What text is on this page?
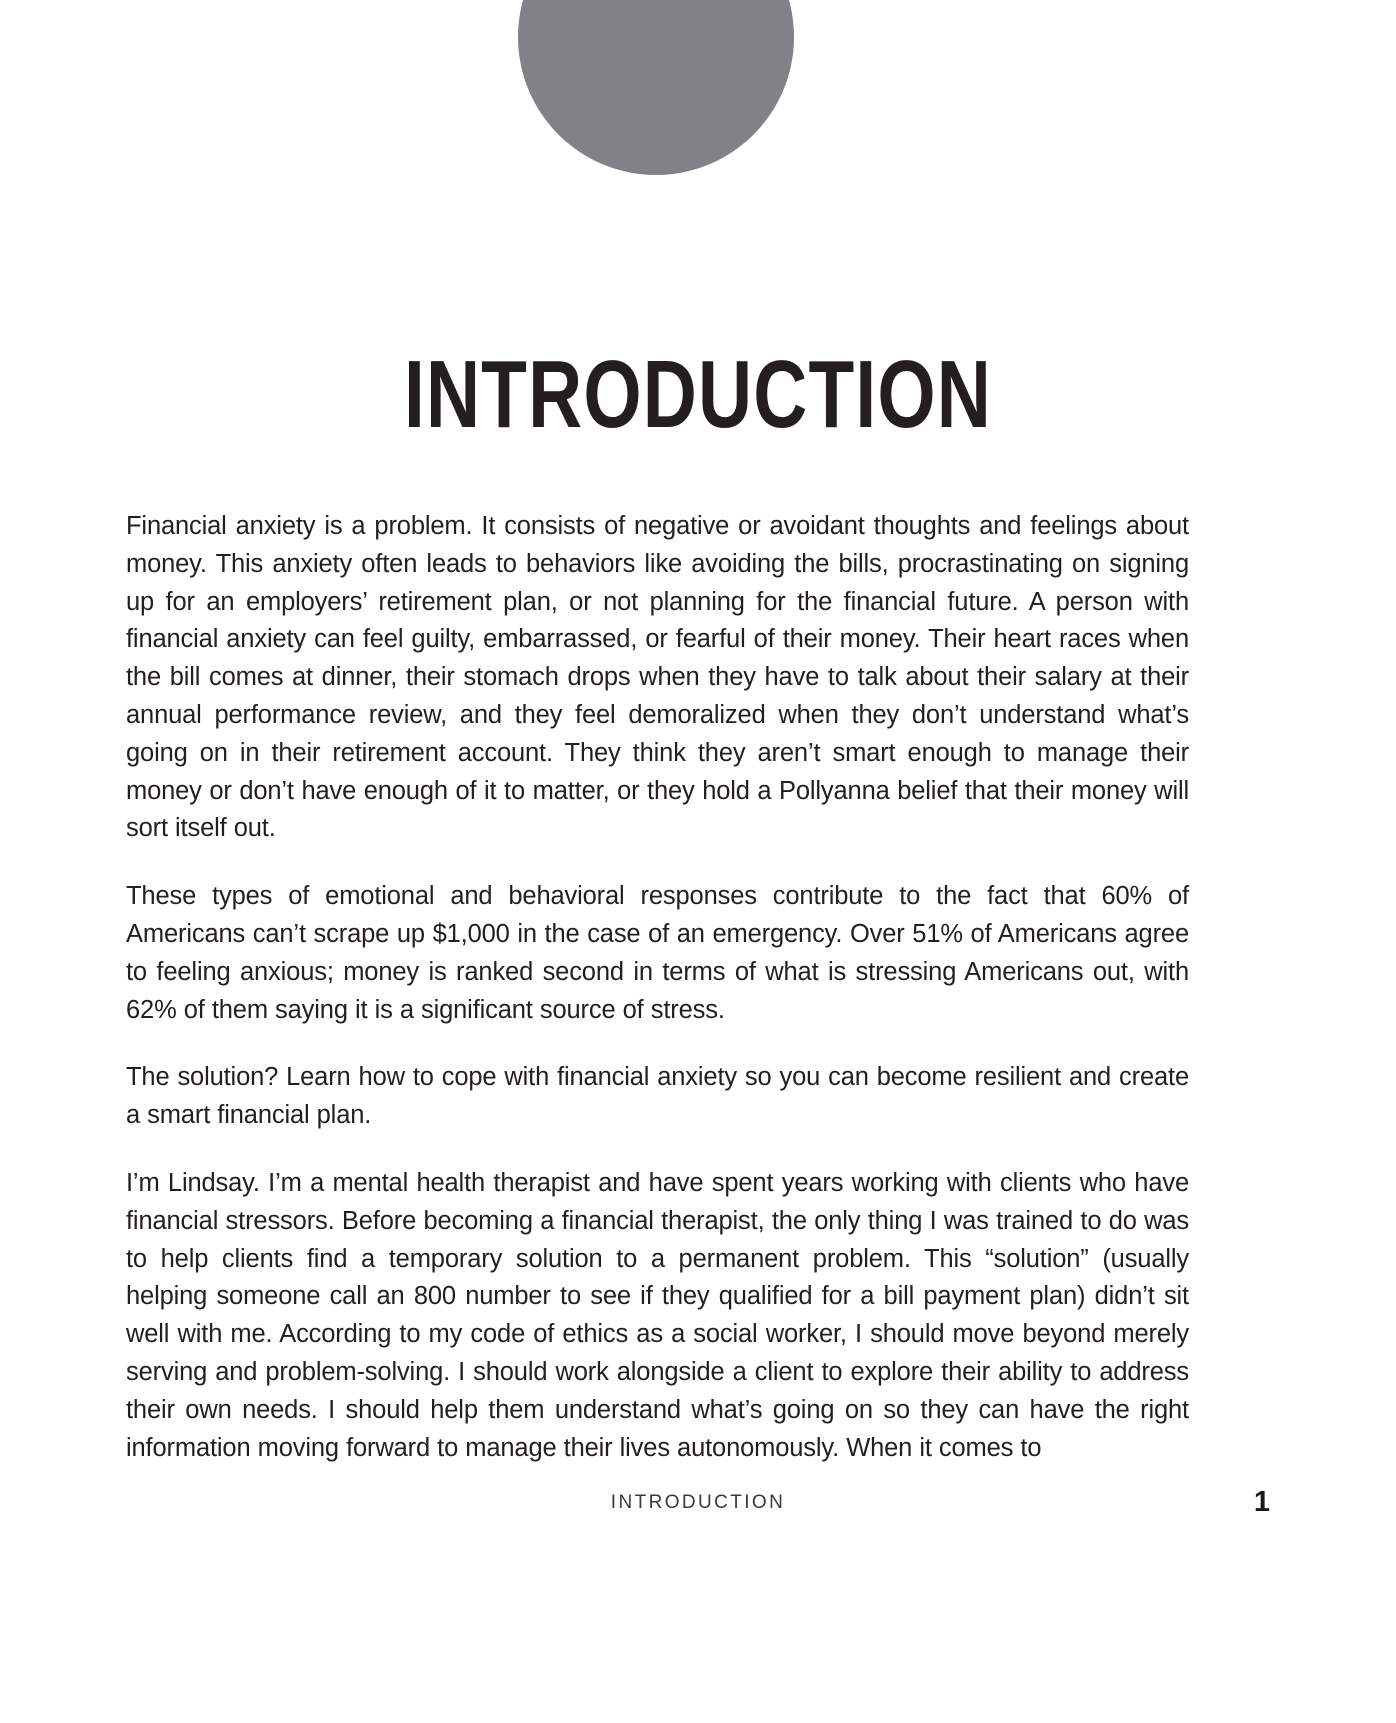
INTRODUCTION

Financial anxiety is a problem. It consists of negative or avoidant thoughts and feelings about money. This anxiety often leads to behaviors like avoiding the bills, procrastinating on signing up for an employers’ retirement plan, or not planning for the financial future. A person with financial anxiety can feel guilty, embarrassed, or fearful of their money. Their heart races when the bill comes at dinner, their stomach drops when they have to talk about their salary at their annual performance review, and they feel demoralized when they don’t understand what’s going on in their retirement account. They think they aren’t smart enough to manage their money or don’t have enough of it to matter, or they hold a Pollyanna belief that their money will sort itself out.

These types of emotional and behavioral responses contribute to the fact that 60% of Americans can’t scrape up $1,000 in the case of an emergency. Over 51% of Americans agree to feeling anxious; money is ranked second in terms of what is stressing Americans out, with 62% of them saying it is a significant source of stress.

The solution? Learn how to cope with financial anxiety so you can become resilient and create a smart financial plan.

I’m Lindsay. I’m a mental health therapist and have spent years working with clients who have financial stressors. Before becoming a financial therapist, the only thing I was trained to do was to help clients find a temporary solution to a permanent problem. This “solution” (usually helping someone call an 800 number to see if they qualified for a bill payment plan) didn’t sit well with me. According to my code of ethics as a social worker, I should move beyond merely serving and problem-solving. I should work alongside a client to explore their ability to address their own needs. I should help them understand what’s going on so they can have the right information moving forward to manage their lives autonomously. When it comes to

INTRODUCTION	1
